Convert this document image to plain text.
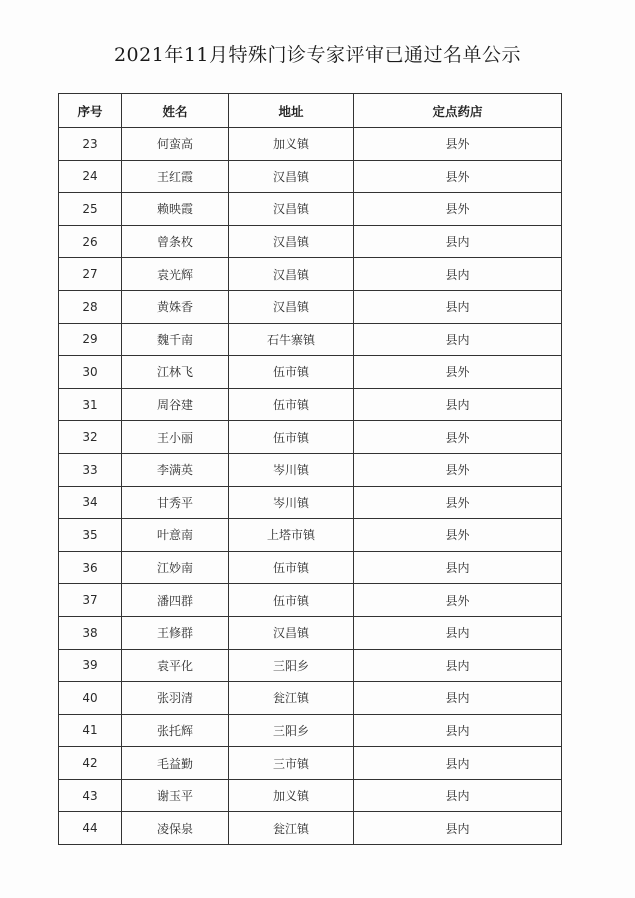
2021年11月特殊门诊专家评审已通过名单公示
序号	姓名	地址	定点药店
23	何蛮高	加义镇	县外
24	王红霞	汉昌镇	县外
25	赖映霞	汉昌镇	县外
26	曾条枚	汉昌镇	县内
27	袁光辉	汉昌镇	县内
28	黄姝香	汉昌镇	县内
29	魏千南	石牛寨镇	县内
30	江林飞	伍市镇	县外
31	周谷建	伍市镇	县内
32	王小丽	伍市镇	县外
33	李满英	岑川镇	县外
34	甘秀平	岑川镇	县外
35	叶意南	上塔市镇	县外
36	江妙南	伍市镇	县内
37	潘四群	伍市镇	县外
38	王修群	汉昌镇	县内
39	袁平化	三阳乡	县内
40	张羽清	瓮江镇	县内
41	张托辉	三阳乡	县内
42	毛益勤	三市镇	县内
43	谢玉平	加义镇	县内
44	凌保泉	瓮江镇	县内
